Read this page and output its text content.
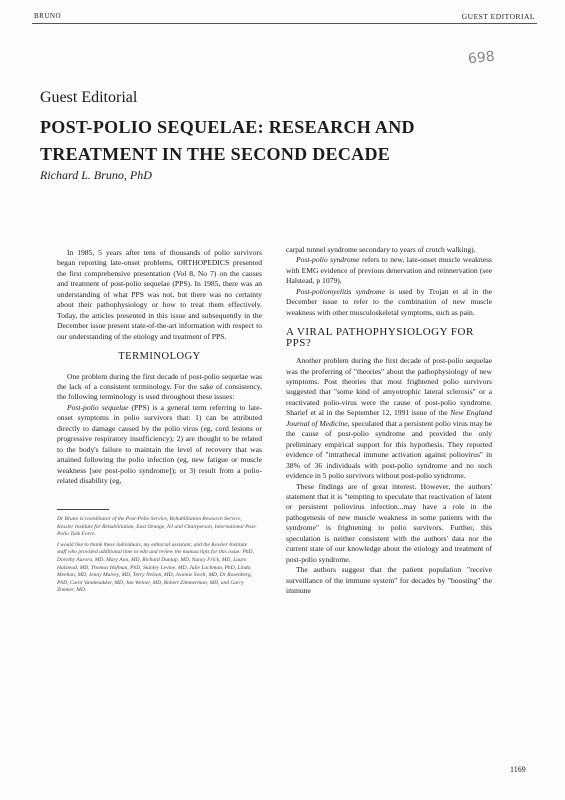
BRUNO	GUEST EDITORIAL
698
Guest Editorial
POST-POLIO SEQUELAE: RESEARCH AND
TREATMENT IN THE SECOND DECADE
Richard L. Bruno, PhD

In 1985, 5 years after tens of thousands of polio survivors began reporting late-onset problems, ORTHOPEDICS presented the first comprehensive presentation (Vol 8, No 7) on the causes and treatment of post-polio sequelae (PPS). In 1985, there was an understanding of what PPS was not, but there was no certainty about their pathophysiology or how to treat them effectively. Today, the articles presented in this issue and subsequently in the December issue present state-of-the-art information with respect to our understanding of the etiology and treatment of PPS.

TERMINOLOGY

One problem during the first decade of post-polio sequelae was the lack of a consistent terminology. For the sake of consistency, the following terminology is used throughout these issues:

Post-polio sequelae (PPS) is a general term referring to late-onset symptoms in polio survivors that: 1) can be attributed directly to damage caused by the polio virus (eg, cord lesions or progressive respiratory insufficiency); 2) are thought to be related to the body's failure to maintain the level of recovery that was attained following the polio infection (eg, new fatigue or muscle weakness [see post-polio syndrome]); or 3) result from a polio-related disability (eg,

Dr Bruno is coordinator of the Post-Polio Service, Rehabilitation Research Service, Kessler Institute for Rehabilitation, East Orange, NJ and Chairperson, International Post-Polio Task Force.

I would like to thank these individuals, my editorial assistant, and the Kessler Institute staff who provided additional time to edit and review the manuscripts for this issue: PhD, Dorothy Aurora, MD, Mary Ann, MD, Richard Dunlap, MD, Nancy Frick, MD, Lauro Halstead, MD, Thomas Hofman, PhD, Stanley Levine, MD, Julie Lachman, PhD, Linda Meehan, MD, Jenny Mulvey, MD, Terry Nelson, MD, Jeannie Swelt, MD, Dr Rosenberg, PhD, Carol Vandenakker, MD, Jan Weiner, MD, Robert Zimmerman, MD, and Garry Zimmer, MD.

carpal tunnel syndrome secondary to years of crutch walking).

Post-polio syndrome refers to new, late-onset muscle weakness with EMG evidence of previous denervation and reinnervation (see Halstead, p 1079).

Post-poliomyelitis syndrome is used by Trojan et al in the December issue to refer to the combination of new muscle weakness with other musculoskeletal symptoms, such as pain.

A VIRAL PATHOPHYSIOLOGY FOR PPS?

Another problem during the first decade of post-polio sequelae was the proferring of "theories" about the pathophysiology of new symptoms. Post theories that most frightened polio survivors suggested that "some kind of amyotrophic lateral sclerosis" or a reactivated polio-virus were the cause of post-polio syndrome. Sharief et al in the September 12, 1991 issue of the New England Journal of Medicine, speculated that a persistent polio virus may be the cause of post-polio syndrome and provided the only preliminary empirical support for this hypothesis. They reported evidence of "intrathecal immune activation against poliovirus" in 38% of 36 individuals with post-polio syndrome and no such evidence in 5 polio survivors without post-polio syndrome.

These findings are of great interest. However, the authors' statement that it is "tempting to speculate that reactivation of latent or persistent poliovirus infection...may have a role in the pathogenesis of new muscle weakness in some patients with the syndrome" is frightening to polio survivors. Further, this speculation is neither consistent with the authors' data nor the current state of our knowledge about the etiology and treatment of post-polio syndrome.

The authors suggest that the patient population "receive surveillance of the immune system" for decades by "boosting" the immune

1169
